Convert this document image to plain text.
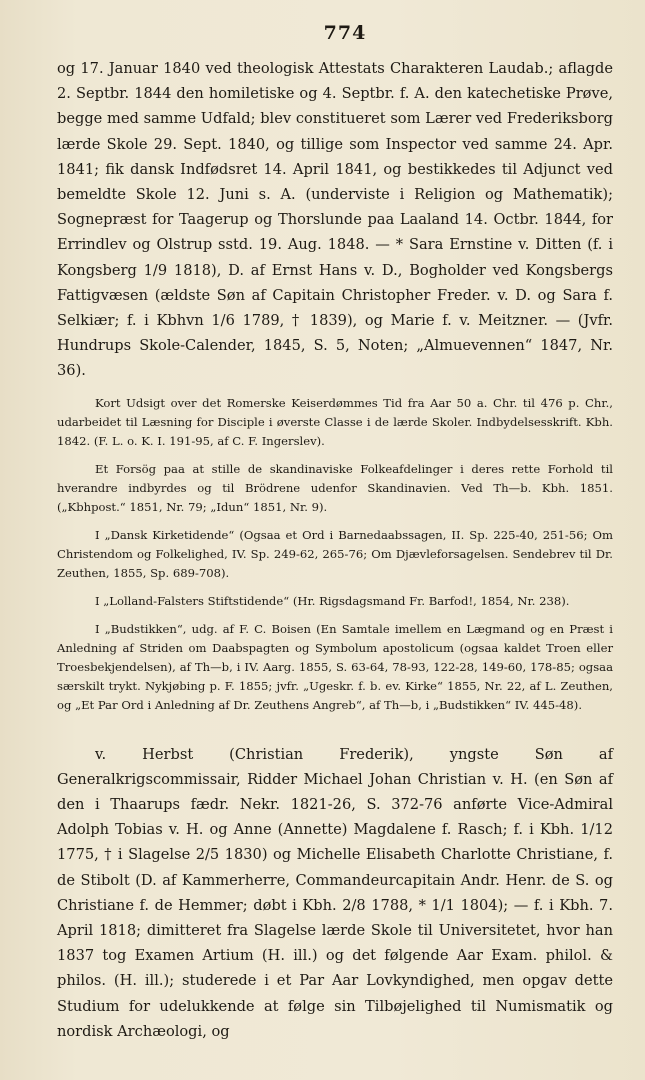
774

og 17. Januar 1840 ved theologisk Attestats Charakteren Laudab.; aflagde 2. Septbr. 1844 den homiletiske og 4. Septbr. f. A. den katechetiske Prøve, begge med samme Udfald; blev constitueret som Lærer ved Frederiksborg lærde Skole 29. Sept. 1840, og tillige som Inspector ved samme 24. Apr. 1841; fik dansk Indfødsret 14. April 1841, og bestikkedes til Adjunct ved bemeldte Skole 12. Juni s. A. (underviste i Religion og Mathematik); Sognepræst for Taagerup og Thorslunde paa Laaland 14. Octbr. 1844, for Errindlev og Olstrup sstd. 19. Aug. 1848. — * Sara Ernstine v. Ditten (f. i Kongsberg 1/9 1818), D. af Ernst Hans v. D., Bogholder ved Kongsbergs Fattigvæsen (ældste Søn af Capitain Christopher Freder. v. D. og Sara f. Selkiær; f. i Kbhvn 1/6 1789, † 1839), og Marie f. v. Meitzner. — (Jvfr. Hundrups Skole-Calender, 1845, S. 5, Noten; „Almuevennen“ 1847, Nr. 36).

Kort Udsigt over det Romerske Keiserdømmes Tid fra Aar 50 a. Chr. til 476 p. Chr., udarbeidet til Læsning for Disciple i øverste Classe i de lærde Skoler. Indbydelsesskrift. Kbh. 1842. (F. L. o. K. I. 191-95, af C. F. Ingerslev).

Et Forsög paa at stille de skandinaviske Folkeafdelinger i deres rette Forhold til hverandre indbyrdes og til Brödrene udenfor Skandinavien. Ved Th—b. Kbh. 1851. („Kbhpost.“ 1851, Nr. 79; „Idun“ 1851, Nr. 9).

I „Dansk Kirketidende“ (Ogsaa et Ord i Barnedaabssagen, II. Sp. 225-40, 251-56; Om Christendom og Folkelighed, IV. Sp. 249-62, 265-76; Om Djævleforsagelsen. Sendebrev til Dr. Zeuthen, 1855, Sp. 689-708).

I „Lolland-Falsters Stiftstidende“ (Hr. Rigsdagsmand Fr. Barfod!, 1854, Nr. 238).

I „Budstikken“, udg. af F. C. Boisen (En Samtale imellem en Lægmand og en Præst i Anledning af Striden om Daabspagten og Symbolum apostolicum (ogsaa kaldet Troen eller Troesbekjendelsen), af Th—b, i IV. Aarg. 1855, S. 63-64, 78-93, 122-28, 149-60, 178-85; ogsaa særskilt trykt. Nykjøbing p. F. 1855; jvfr. „Ugeskr. f. b. ev. Kirke“ 1855, Nr. 22, af L. Zeuthen, og „Et Par Ord i Anledning af Dr. Zeuthens Angreb“, af Th—b, i „Budstikken“ IV. 445-48).

v. Herbst (Christian Frederik), yngste Søn af Generalkrigscommissair, Ridder Michael Johan Christian v. H. (en Søn af den i Thaarups fædr. Nekr. 1821-26, S. 372-76 anførte Vice-Admiral Adolph Tobias v. H. og Anne (Annette) Magdalene f. Rasch; f. i Kbh. 1/12 1775, † i Slagelse 2/5 1830) og Michelle Elisabeth Charlotte Christiane, f. de Stibolt (D. af Kammerherre, Commandeurcapitain Andr. Henr. de S. og Christiane f. de Hemmer; døbt i Kbh. 2/8 1788, * 1/1 1804); — f. i Kbh. 7. April 1818; dimitteret fra Slagelse lærde Skole til Universitetet, hvor han 1837 tog Examen Artium (H. ill.) og det følgende Aar Exam. philol. & philos. (H. ill.); studerede i et Par Aar Lovkyndighed, men opgav dette Studium for udelukkende at følge sin Tilbøjelighed til Numismatik og nordisk Archæologi, og
